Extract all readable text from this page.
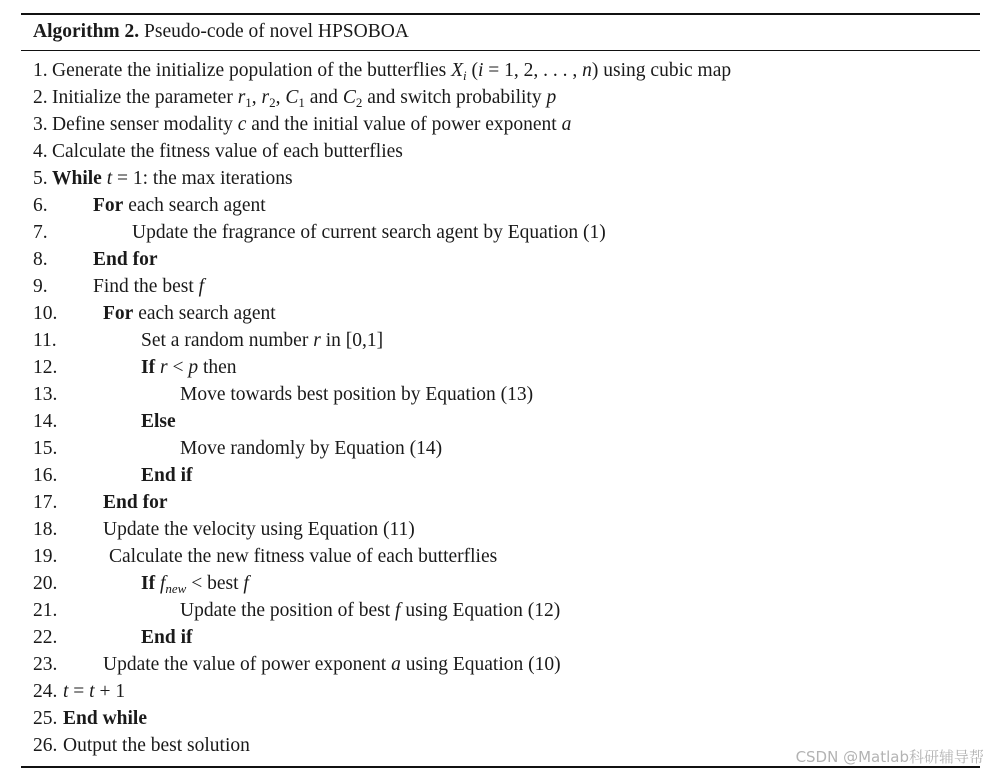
Algorithm 2. Pseudo-code of novel HPSOBOA
1 . Generate the initialize population of the butterflies $X_i$ (i = 1, 2, . . . , n) using cubic map
2 . Initialize the parameter $r_1$, $r_2$, $C_1$ and $C_2$ and switch probability p
3 . Define senser modality c and the initial value of power exponent a
4 . Calculate the fitness value of each butterflies
5 . While t = 1: the max iterations
6 .	For each search agent
7 .	Update the fragrance of current search agent by Equation (1)
8 .	End for
9 .	Find the best f
10 .	For each search agent
11 .	Set a random number r in [0,1]
12 .	If r < p then
13 .	Move towards best position by Equation (13)
14 .	Else
15 .	Move randomly by Equation (14)
16 .	End if
17 .	End for
18 .	Update the velocity using Equation (11)
19 .	Calculate the new fitness value of each butterflies
20 .	If $f_{new}$ < best f
21 .	Update the position of best f using Equation (12)
22 .	End if
23 .	Update the value of power exponent a using Equation (10)
24 . t = t + 1
25 . End while
26 . Output the best solution
CSDN @Matlab科研辅导帮
